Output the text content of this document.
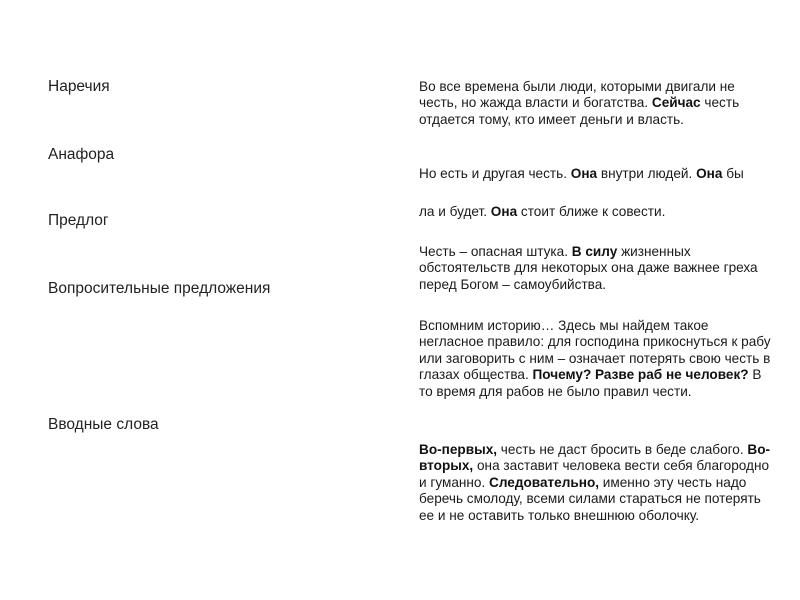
Наречия
Анафора
Предлог
Вопросительные предложения
Вводные слова
Во все времена были люди, которыми двигали не честь, но жажда власти и богатства. Сейчас честь отдается тому, кто имеет деньги и власть.
Но есть и другая честь. Она внутри людей. Она бы
ла и будет. Она стоит ближе к совести.
Честь – опасная штука. В силу жизненных обстоятельств для некоторых она даже важнее греха перед Богом – самоубийства.
Вспомним историю… Здесь мы найдем такое негласное правило: для господина прикоснуться к рабу или заговорить с ним – означает потерять свою честь в глазах общества. Почему? Разве раб не человек? В то время для рабов не было правил чести.
Во-первых, честь не даст бросить в беде слабого. Во-вторых, она заставит человека вести себя благородно и гуманно. Следовательно, именно эту честь надо беречь смолоду, всеми силами стараться не потерять ее и не оставить только внешнюю оболочку.
